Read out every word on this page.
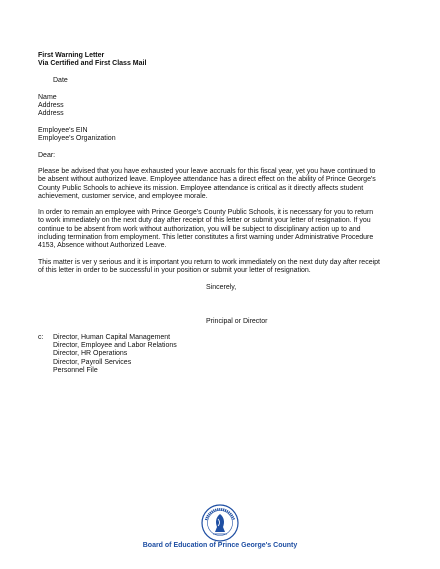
First Warning Letter
Via Certified and First Class Mail
Date
Name
Address
Address
Employee's EIN
Employee's Organization
Dear:
Please be advised that you have exhausted your leave accruals for this fiscal year, yet you have continued to
be absent without authorized leave. Employee attendance has a direct effect on the ability of Prince George's
County Public Schools to achieve its mission. Employee attendance is critical as it directly affects student
achievement, customer service, and employee morale.
In order to remain an employee with Prince George's County Public Schools, it is necessary for you to return
to work immediately on the next duty day after receipt of this letter or submit your letter of resignation. If you
continue to be absent from work without authorization, you will be subject to disciplinary action up to and
including termination from employment. This letter constitutes a first warning under Administrative Procedure
4153, Absence without Authorized Leave.
This matter is ver y serious and it is important you return to work immediately on the next duty day after receipt
of this letter in order to be successful in your position or submit your letter of resignation.
Sincerely,
Principal or Director
c: Director, Human Capital Management
Director, Employee and Labor Relations
Director, HR Operations
Director, Payroll Services
Personnel File
Board of Education of Prince George's County
